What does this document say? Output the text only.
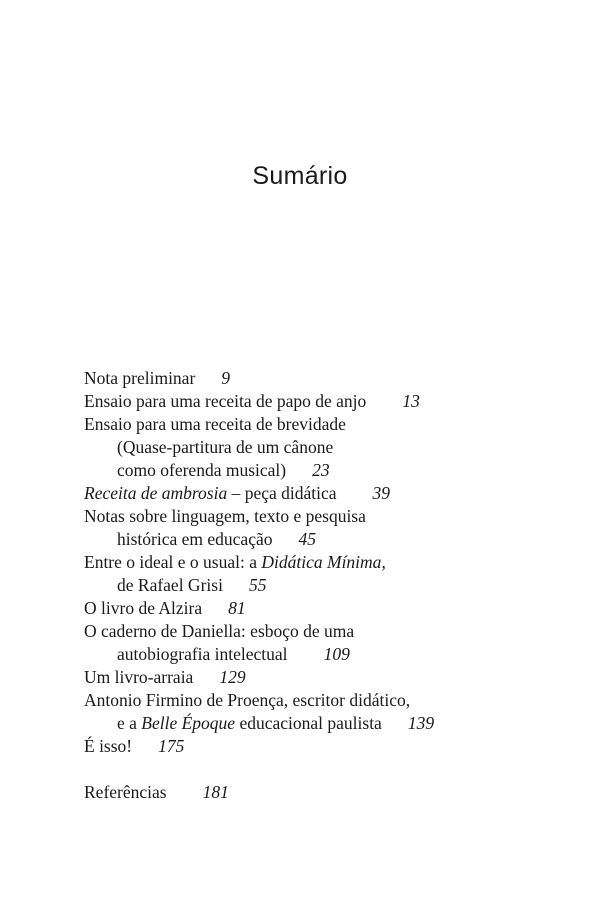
Sumário
Nota preliminar 9
Ensaio para uma receita de papo de anjo 13
Ensaio para uma receita de brevidade
(Quase-partitura de um cânone
como oferenda musical) 23
Receita de ambrosia – peça didática 39
Notas sobre linguagem, texto e pesquisa
histórica em educação 45
Entre o ideal e o usual: a Didática Mínima,
de Rafael Grisi 55
O livro de Alzira 81
O caderno de Daniella: esboço de uma
autobiografia intelectual 109
Um livro-arraia 129
Antonio Firmino de Proença, escritor didático,
e a Belle Époque educacional paulista 139
É isso! 175
Referências 181
